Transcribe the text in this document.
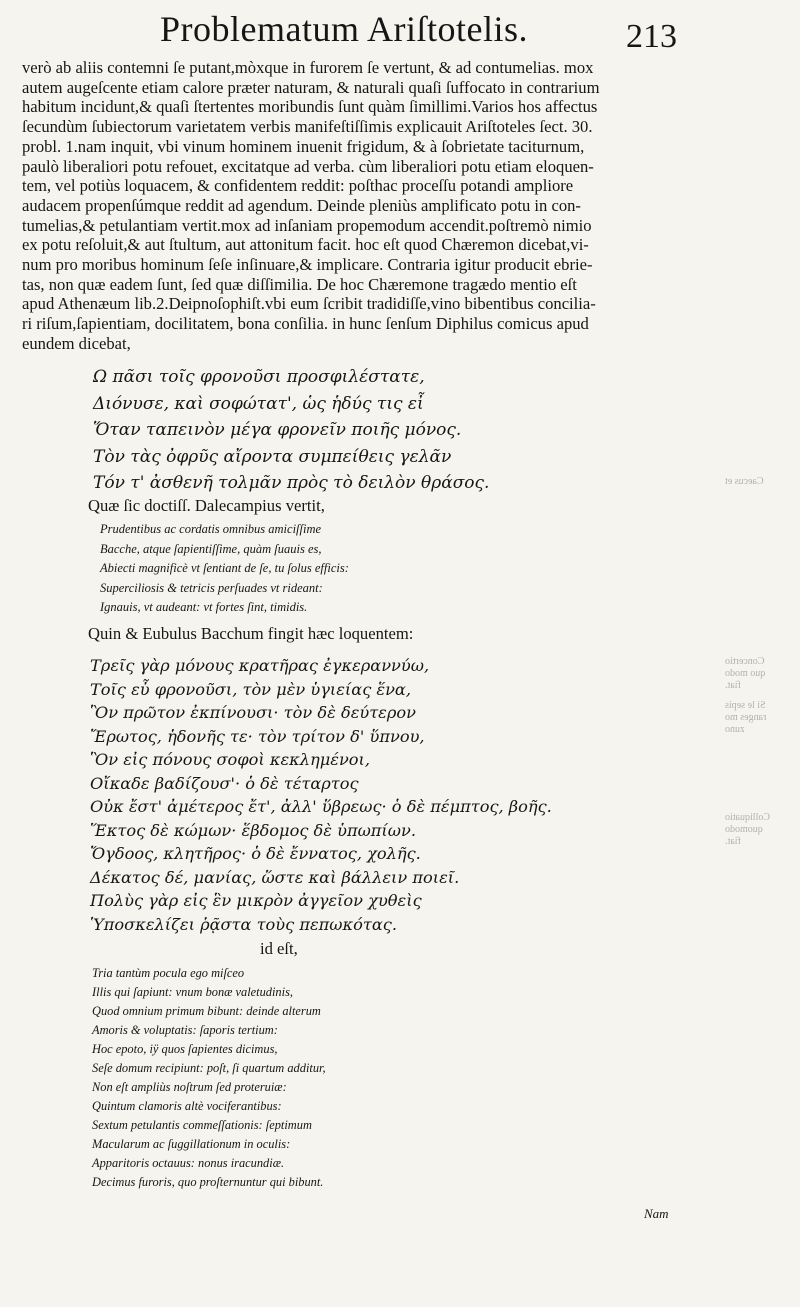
Problematum Ariſtotelis.	213
verò ab aliis contemni ſe putant,mòxque in furorem ſe vertunt, & ad contumelias. mox
autem augeſcente etiam calore præter naturam, & naturali quaſi ſuffocato in contrarium
habitum incidunt,& quaſi ſtertentes moribundis ſunt quàm ſimillimi.Varios hos affectus
ſecundùm ſubiectorum varietatem verbis manifeſtiſſimis explicauit Ariſtoteles ſect. 30.
probl. 1.nam inquit, vbi vinum hominem inuenit frigidum, & à ſobrietate taciturnum,
paulò liberaliori potu refouet, excitatque ad verba. cùm liberaliori potu etiam eloquen-
tem, vel potiùs loquacem, & confidentem reddit: poſthac proceſſu potandi ampliore
audacem propenſúmque reddit ad agendum. Deinde pleniùs amplificato potu in con-
tumelias,& petulantiam vertit.mox ad inſaniam propemodum accendit.poſtremò nimio
ex potu reſoluit,& aut ſtultum, aut attonitum facit. hoc eſt quod Chæremon dicebat,vi-
num pro moribus hominum ſeſe inſinuare,& implicare. Contraria igitur producit ebrie-
tas, non quæ eadem ſunt, ſed quæ diſſimilia. De hoc Chæremone tragædo mentio eſt
apud Athenæum lib.2.Deipnoſophiſt.vbi eum ſcribit tradidiſſe,vino bibentibus concilia-
ri riſum,ſapientiam, docilitatem, bona conſilia. in hunc ſenſum Diphilus comicus apud
eundem dicebat,
Ω πᾶσι τοῖς φρονοῦσι προσφιλέστατε,
Διόνυσε, καὶ σοφώτατ', ὡς ἡδύς τις εἶ
Ὅταν ταπεινὸν μέγα φρονεῖν ποιῆς μόνος.
Τὸν τὰς ὀφρῦς αἴροντα συμπείθεις γελᾶν
Τόν τ' ἀσθενῆ τολμᾶν πρὸς τὸ δειλὸν θράσος.
Quæ ſic doctiſſ. Dalecampius vertit,
Prudentibus ac cordatis omnibus amiciſſime
Bacche, atque ſapientiſſime, quàm ſuauis es,
Abiecti magnificè vt ſentiant de ſe, tu ſolus efficis:
Superciliosis & tetricis perſuades vt rideant:
Ignauis, vt audeant: vt fortes ſint, timidis.
Quin & Eubulus Bacchum fingit hæc loquentem:
Τρεῖς γὰρ μόνους κρατῆρας ἐγκεραννύω,
Τοῖς εὖ φρονοῦσι, τὸν μὲν ὑγιείας ἕνα,
Ὃν πρῶτον ἐκπίνουσι· τὸν δὲ δεύτερον
Ἔρωτος, ἡδονῆς τε· τὸν τρίτον δ' ὕπνου,
Ὃν εἰς πόνους σοφοὶ κεκλημένοι,
Οἴκαδε βαδίζουσ'· ὁ δὲ τέταρτος
Οὐκ ἔστ' ἀμέτερος ἔτ', ἀλλ' ὕβρεως· ὁ δὲ πέμπτος, βοῆς.
Ἕκτος δὲ κώμων· ἕβδομος δὲ ὑπωπίων.
Ὄγδοος, κλητῆρος· ὁ δὲ ἔννατος, χολῆς.
Δέκατος δέ, μανίας, ὥστε καὶ βάλλειν ποιεῖ.
Πολὺς γὰρ εἰς ἓν μικρὸν ἀγγεῖον χυθεὶς
Ὑποσκελίζει ῥᾷστα τοὺς πεπωκότας.
id eſt,
Tria tantùm pocula ego miſceo
Illis qui ſapiunt: vnum bonæ valetudinis,
Quod omnium primum bibunt: deinde alterum
Amoris & voluptatis: ſaporis tertium:
Hoc epoto, iÿ quos ſapientes dicimus,
Seſe domum recipiunt: poſt, ſi quartum additur,
Non eſt ampliùs noſtrum ſed proteruiæ:
Quintum clamoris altè vociferantibus:
Sextum petulantis commeſſationis: ſeptimum
Macularum ac ſuggillationum in oculis:
Apparitoris octauus: nonus iracundiæ.
Decimus furoris, quo proſternuntur qui bibunt.
Nam
Caecus et
Concertio
quo modo
fiat.
Si le sepis
ranges mo
zuno
Colliquatio
quomodo
fiat.
